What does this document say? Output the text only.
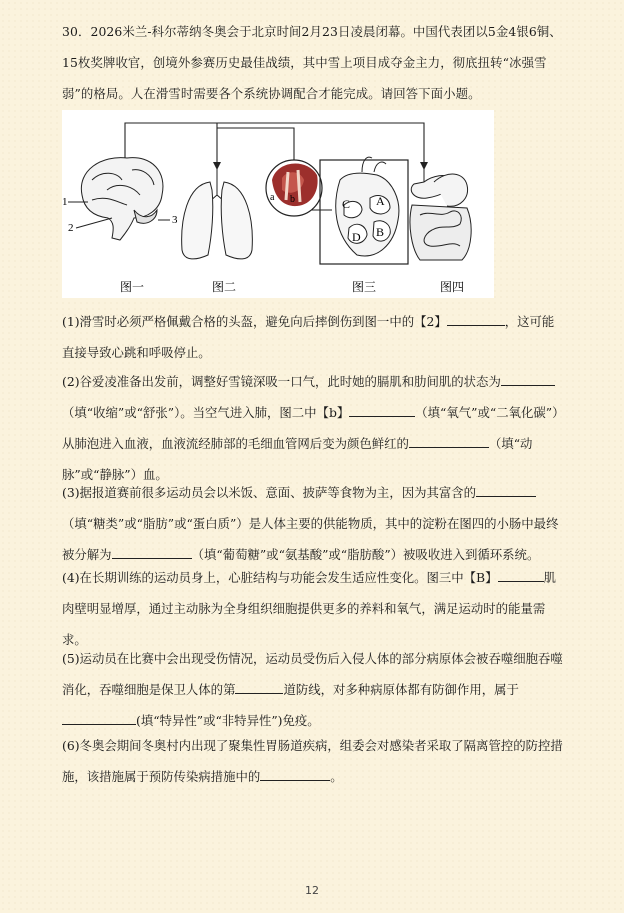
30．2026米兰-科尔蒂纳冬奥会于北京时间2月23日凌晨闭幕。中国代表团以5金4银6铜、15枚奖牌收官，创境外参赛历史最佳战绩，其中雪上项目成夺金主力，彻底扭转“冰强雪弱”的格局。人在滑雪时需要各个系统协调配合才能完成。请回答下面小题。
1
2
3
a b	C A
D B
图一	图二	图三	图四
(1)滑雪时必须严格佩戴合格的头盔，避免向后摔倒伤到图一中的【2】	，这可能直接导致心跳和呼吸停止。
(2)谷爱凌准备出发前，调整好雪镜深吸一口气，此时她的膈肌和肋间肌的状态为（填“收缩”或“舒张”）。当空气进入肺，图二中【b】	（填“氧气”或“二氧化碳”）从肺泡进入血液，血液流经肺部的毛细血管网后变为颜色鲜红的	（填“动脉”或“静脉”）血。
(3)据报道赛前很多运动员会以米饭、意面、披萨等食物为主，因为其富含的（填“糖类”或“脂肪”或“蛋白质”）是人体主要的供能物质，其中的淀粉在图四的小肠中最终被分解为	（填“葡萄糖”或“氨基酸”或“脂肪酸”）被吸收进入到循环系统。
(4)在长期训练的运动员身上，心脏结构与功能会发生适应性变化。图三中【B】	肌肉壁明显增厚，通过主动脉为全身组织细胞提供更多的养料和氧气，满足运动时的能量需求。
(5)运动员在比赛中会出现受伤情况，运动员受伤后入侵人体的部分病原体会被吞噬细胞吞噬消化，吞噬细胞是保卫人体的第	道防线，对多种病原体都有防御作用，属于(填“特异性”或“非特异性”)免疫。
(6)冬奥会期间冬奥村内出现了聚集性胃肠道疾病，组委会对感染者采取了隔离管控的防控措施，该措施属于预防传染病措施中的	。
12
